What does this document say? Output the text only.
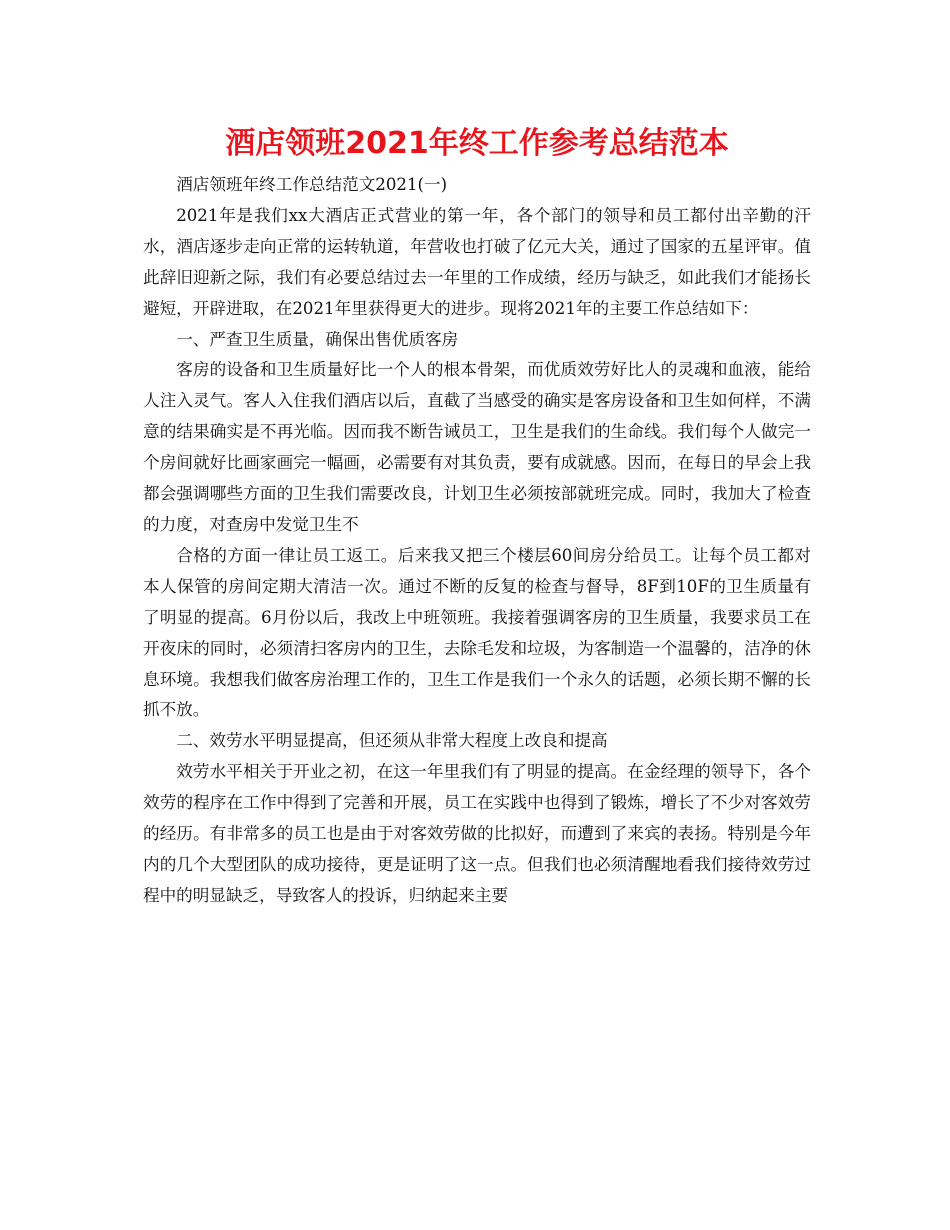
酒店领班2021年终工作参考总结范本

酒店领班年终工作总结范文2021(一)

2021年是我们xx大酒店正式营业的第一年，各个部门的领导和员工都付出辛勤的汗水，酒店逐步走向正常的运转轨道，年营收也打破了亿元大关，通过了国家的五星评审。值此辞旧迎新之际，我们有必要总结过去一年里的工作成绩，经历与缺乏，如此我们才能扬长避短，开辟进取，在2021年里获得更大的进步。现将2021年的主要工作总结如下：

一、严查卫生质量，确保出售优质客房

客房的设备和卫生质量好比一个人的根本骨架，而优质效劳好比人的灵魂和血液，能给人注入灵气。客人入住我们酒店以后，直截了当感受的确实是客房设备和卫生如何样，不满意的结果确实是不再光临。因而我不断告诫员工，卫生是我们的生命线。我们每个人做完一个房间就好比画家画完一幅画，必需要有对其负责，要有成就感。因而，在每日的早会上我都会强调哪些方面的卫生我们需要改良，计划卫生必须按部就班完成。同时，我加大了检查的力度，对查房中发觉卫生不

合格的方面一律让员工返工。后来我又把三个楼层60间房分给员工。让每个员工都对本人保管的房间定期大清洁一次。通过不断的反复的检查与督导，8F到10F的卫生质量有了明显的提高。6月份以后，我改上中班领班。我接着强调客房的卫生质量，我要求员工在开夜床的同时，必须清扫客房内的卫生，去除毛发和垃圾，为客制造一个温馨的，洁净的休息环境。我想我们做客房治理工作的，卫生工作是我们一个永久的话题，必须长期不懈的长抓不放。

二、效劳水平明显提高，但还须从非常大程度上改良和提高

效劳水平相关于开业之初，在这一年里我们有了明显的提高。在金经理的领导下，各个效劳的程序在工作中得到了完善和开展，员工在实践中也得到了锻炼，增长了不少对客效劳的经历。有非常多的员工也是由于对客效劳做的比拟好，而遭到了来宾的表扬。特别是今年内的几个大型团队的成功接待，更是证明了这一点。但我们也必须清醒地看我们接待效劳过程中的明显缺乏，导致客人的投诉，归纳起来主要
